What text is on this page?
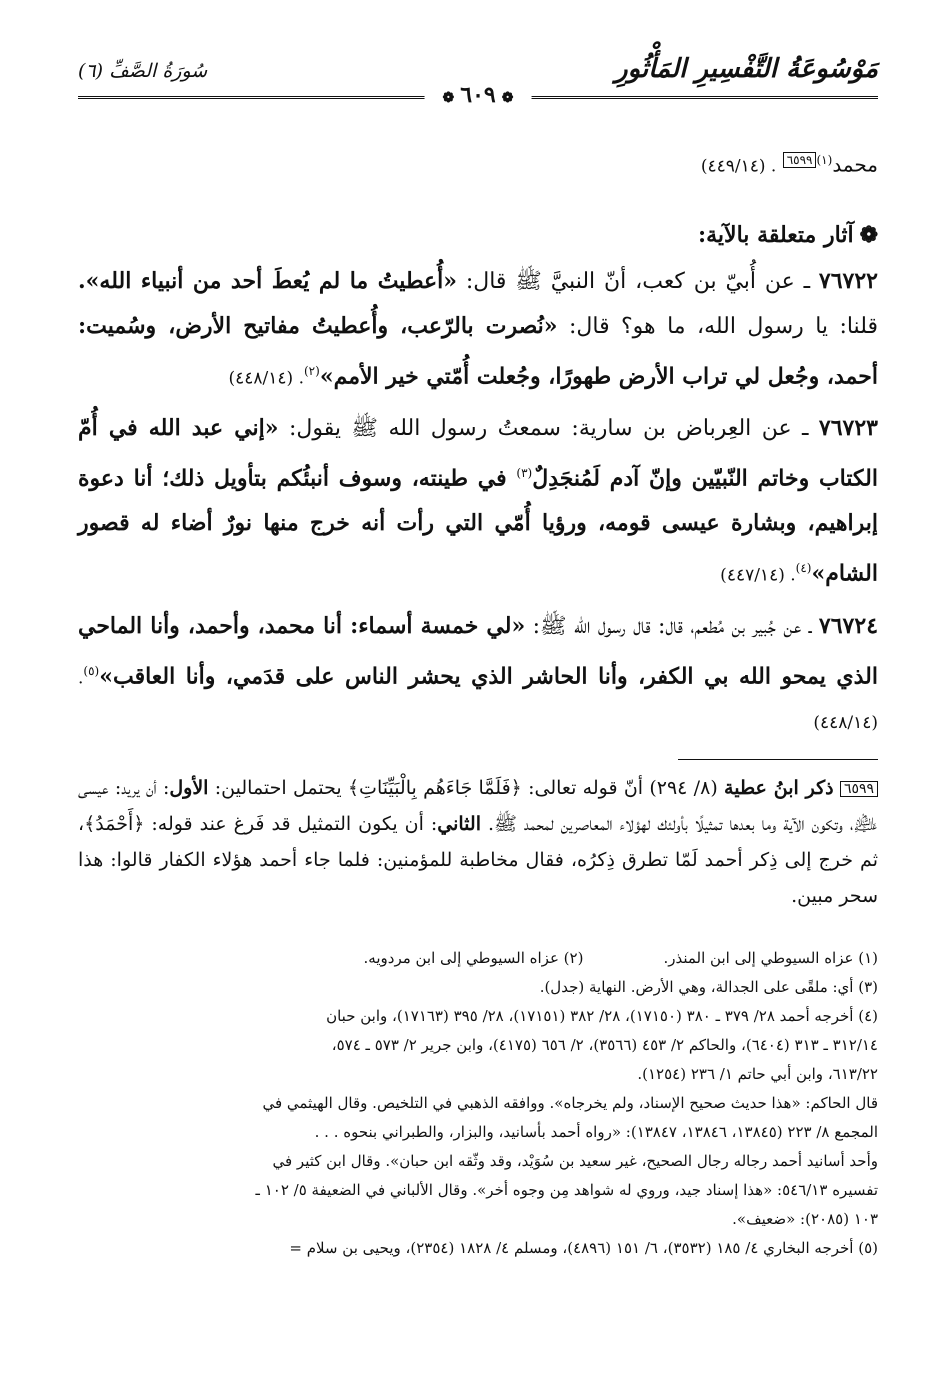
مَوْسُوعَةُ التَّفْسِيرِ المَأْثُورِ
سُورَةُ الصَّفِّ (٦)
❁٦٠٩❁
محمد$^{(١)}$٦٥٩٩ . (٤٤٩/١٤)
❁آثار متعلقة بالآية:
٧٦٧٢٢ ـ عن أُبيّ بن كعب، أنّ النبيَّ ﷺ قال: «أُعطيتُ ما لم يُعطَ أحد من أنبياء الله». قلنا: يا رسول الله، ما هو؟ قال: «نُصرت بالرّعب، وأُعطيتُ مفاتيح الأرض، وسُميت: أحمد، وجُعل لي تراب الأرض طهورًا، وجُعلت أُمّتي خير الأمم»$^{(٢)}$. (٤٤٨/١٤)
٧٦٧٢٣ ـ عن العِرباض بن سارية: سمعتُ رسول الله ﷺ يقول: «إني عبد الله في أُمّ الكتاب وخاتم النّبيّين وإنّ آدم لَمُنجَدِلٌ$^{(٣)}$ في طينته، وسوف أنبئُكم بتأويل ذلك؛ أنا دعوة إبراهيم، وبشارة عيسى قومه، ورؤيا أُمّي التي رأت أنه خرج منها نورٌ أضاء له قصور الشام»$^{(٤)}$. (٤٤٧/١٤)
٧٦٧٢٤ ـ عن جُبير بن مُطعم، قال: قال رسول الله ﷺ: «لي خمسة أسماء: أنا محمد، وأحمد، وأنا الماحي الذي يمحو الله بي الكفر، وأنا الحاشر الذي يحشر الناس على قدَمي، وأنا العاقب»$^{(٥)}$. (٤٤٨/١٤)
٦٥٩٩ ذكر ابنُ عطية (٨/ ٢٩٤) أنّ قوله تعالى: ﴿فَلَمَّا جَاءَهُم بِالْبَيِّنَاتِ﴾ يحتمل احتمالين: الأول: أن يريد: عيسى ﵇، وتكون الآية وما بعدها تمثيلًا بأولئك لهؤلاء المعاصرين لمحمد ﷺ. الثاني: أن يكون التمثيل قد فَرغ عند قوله: ﴿أَحْمَدُ﴾، ثم خرج إلى ذِكر أحمد لَمّا تطرق ذِكرُه، فقال مخاطبة للمؤمنين: فلما جاء أحمد هؤلاء الكفار قالوا: هذا سحر مبين.
(١) عزاه السيوطي إلى ابن المنذر.
(٢) عزاه السيوطي إلى ابن مردويه.
(٣) أي: ملقًى على الجدالة، وهي الأرض. النهاية (جدل).
(٤) أخرجه أحمد ٢٨/ ٣٧٩ ـ ٣٨٠ (١٧١٥٠)، ٢٨/ ٣٨٢ (١٧١٥١)، ٢٨/ ٣٩٥ (١٧١٦٣)، وابن حبان
٣١٢/١٤ ـ ٣١٣ (٦٤٠٤)، والحاكم ٢/ ٤٥٣ (٣٥٦٦)، ٢/ ٦٥٦ (٤١٧٥)، وابن جرير ٢/ ٥٧٣ ـ ٥٧٤،
٦١٣/٢٢، وابن أبي حاتم ١/ ٢٣٦ (١٢٥٤).
قال الحاكم: «هذا حديث صحيح الإسناد، ولم يخرجاه». ووافقه الذهبي في التلخيص. وقال الهيثمي في
المجمع ٨/ ٢٢٣ (١٣٨٤٥، ١٣٨٤٦، ١٣٨٤٧): «رواه أحمد بأسانيد، والبزار، والطبراني بنحوه . . .
وأحد أسانيد أحمد رجاله رجال الصحيح، غير سعيد بن سُوَيْد، وقد وثّقه ابن حبان». وقال ابن كثير في
تفسيره ٥٤٦/١٣: «هذا إسناد جيد، وروي له شواهد مِن وجوه أخر». وقال الألباني في الضعيفة ٥/ ١٠٢ ـ
١٠٣ (٢٠٨٥): «ضعيف».
(٥) أخرجه البخاري ٤/ ١٨٥ (٣٥٣٢)، ٦/ ١٥١ (٤٨٩٦)، ومسلم ٤/ ١٨٢٨ (٢٣٥٤)، ويحيى بن سلام =
